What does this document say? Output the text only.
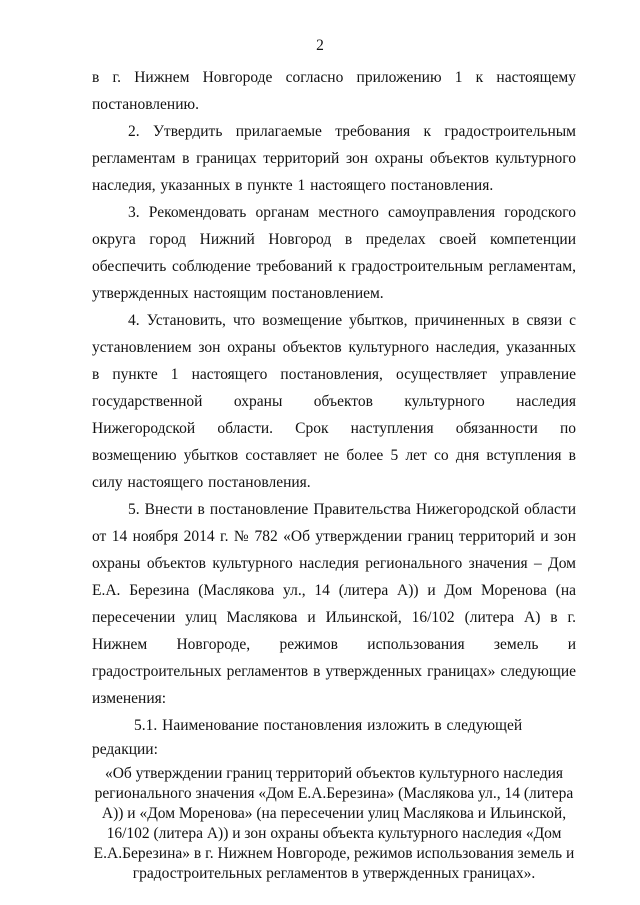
2

в г. Нижнем Новгороде согласно приложению 1 к настоящему постановлению.

2. Утвердить прилагаемые требования к градостроительным регламентам в границах территорий зон охраны объектов культурного наследия, указанных в пункте 1 настоящего постановления.

3. Рекомендовать органам местного самоуправления городского округа город Нижний Новгород в пределах своей компетенции обеспечить соблюдение требований к градостроительным регламентам, утвержденных настоящим постановлением.

4. Установить, что возмещение убытков, причиненных в связи с установлением зон охраны объектов культурного наследия, указанных в пункте 1 настоящего постановления, осуществляет управление государственной охраны объектов культурного наследия Нижегородской области. Срок наступления обязанности по возмещению убытков составляет не более 5 лет со дня вступления в силу настоящего постановления.

5. Внести в постановление Правительства Нижегородской области от 14 ноября 2014 г. № 782 «Об утверждении границ территорий и зон охраны объектов культурного наследия регионального значения – Дом Е.А. Березина (Маслякова ул., 14 (литера А)) и Дом Моренова (на пересечении улиц Маслякова и Ильинской, 16/102 (литера А) в г. Нижнем Новгороде, режимов использования земель и градостроительных регламентов в утвержденных границах» следующие изменения:

5.1. Наименование постановления изложить в следующей редакции:

«Об утверждении границ территорий объектов культурного наследия регионального значения «Дом Е.А.Березина» (Маслякова ул., 14 (литера А)) и «Дом Моренова» (на пересечении улиц Маслякова и Ильинской, 16/102 (литера А)) и зон охраны объекта культурного наследия «Дом Е.А.Березина» в г. Нижнем Новгороде, режимов использования земель и градостроительных регламентов в утвержденных границах».
